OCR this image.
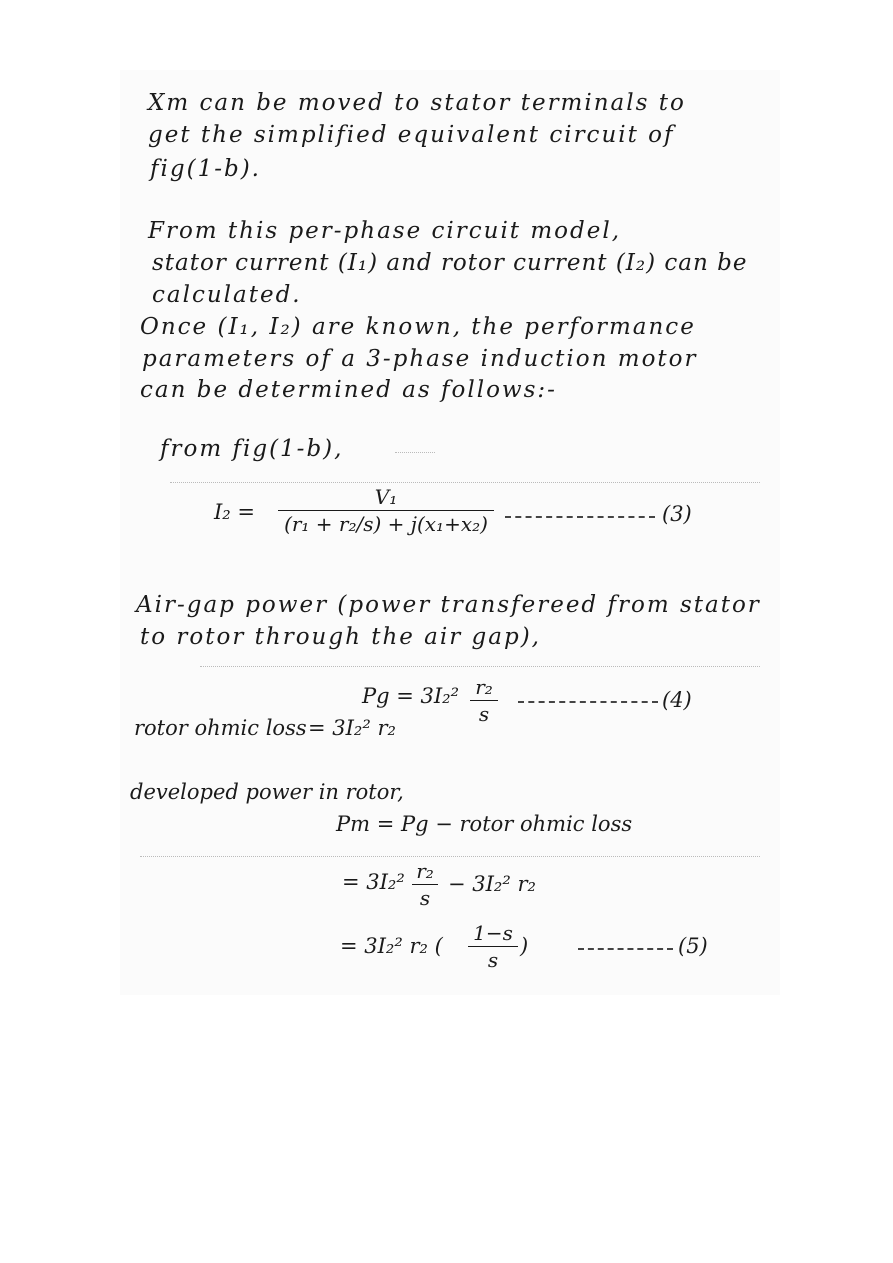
Xm can be moved to stator terminals to
get the simplified equivalent circuit of
fig(1-b).
From this per-phase circuit model,
stator current (I₁) and rotor current (I₂) can be
calculated.
Once (I₁, I₂) are known, the performance
parameters of a 3-phase induction motor
can be determined as follows:-
from fig(1-b),
I₂ =
V₁
(r₁ + r₂/s) + j(x₁+x₂)	(3)
Air-gap power (power transfereed from stator
to rotor through the air gap),
Pg = 3I₂² r₂
s
(4)
rotor ohmic loss = 3I₂² r₂
developed power in rotor,
Pm = Pg − rotor ohmic loss
= 3I₂² r₂
s
− 3I₂² r₂
= 3I₂² r₂ (
1−s
s
)	(5)
